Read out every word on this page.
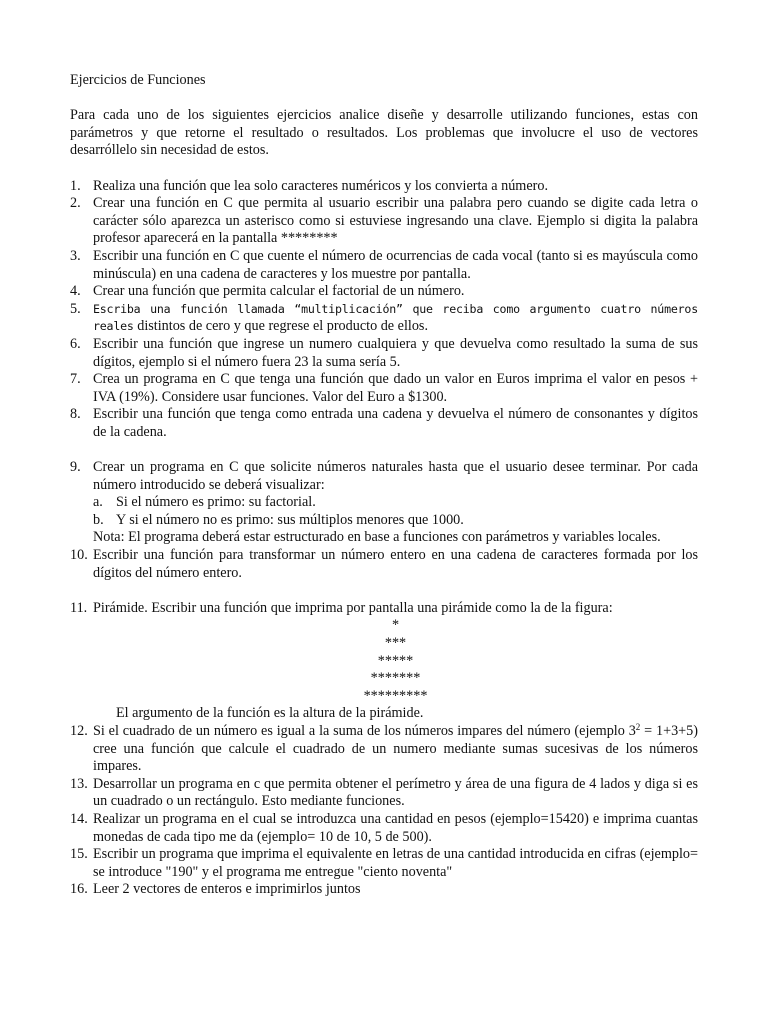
Ejercicios de Funciones
Para cada uno de los siguientes ejercicios analice diseñe y desarrolle utilizando funciones, estas con parámetros y que retorne el resultado o resultados. Los problemas que involucre el uso de vectores desarróllelo sin necesidad de estos.
1. Realiza una función que lea solo caracteres numéricos y los convierta a número.
2. Crear una función en C que permita al usuario escribir una palabra pero cuando se digite cada letra o carácter sólo aparezca un asterisco como si estuviese ingresando una clave. Ejemplo si digita la palabra profesor aparecerá en la pantalla ********
3. Escribir una función en C que cuente el número de ocurrencias de cada vocal (tanto si es mayúscula como minúscula) en una cadena de caracteres y los muestre por pantalla.
4. Crear una función que permita calcular el factorial de un número.
5.	Escriba una función llamada “multiplicación” que reciba como argumento cuatro números reales distintos de cero y que regrese el producto de ellos.
6. Escribir una función que ingrese un numero cualquiera y que devuelva como resultado la suma de sus dígitos, ejemplo si el número fuera 23 la suma sería 5.
7. Crea un programa en C que tenga una función que dado un valor en Euros imprima el valor en pesos + IVA (19%). Considere usar funciones. Valor del Euro a $1300.
8. Escribir una función que tenga como entrada una cadena y devuelva el número de consonantes y dígitos de la cadena.
9. Crear un programa en C que solicite números naturales hasta que el usuario desee terminar. Por cada número introducido se deberá visualizar:
a. Si el número es primo: su factorial.
b. Y si el número no es primo: sus múltiplos menores que 1000.
Nota: El programa deberá estar estructurado en base a funciones con parámetros y variables locales.
10. Escribir una función para transformar un número entero en una cadena de caracteres formada por los dígitos del número entero.
11. Pirámide. Escribir una función que imprima por pantalla una pirámide como la de la figura:
*
***
*****
*******
*********
El argumento de la función es la altura de la pirámide.
12. Si el cuadrado de un número es igual a la suma de los números impares del número (ejemplo $3^2 = 1+3+5$) cree una función que calcule el cuadrado de un numero mediante sumas sucesivas de los números impares.
13. Desarrollar un programa en c que permita obtener el perímetro y área de una figura de 4 lados y diga si es un cuadrado o un rectángulo. Esto mediante funciones.
14. Realizar un programa en el cual se introduzca una cantidad en pesos (ejemplo=15420) e imprima cuantas monedas de cada tipo me da (ejemplo= 10 de 10, 5 de 500).
15. Escribir un programa que imprima el equivalente en letras de una cantidad introducida en cifras (ejemplo= se introduce "190" y el programa me entregue "ciento noventa"
16. Leer 2 vectores de enteros e imprimirlos juntos
